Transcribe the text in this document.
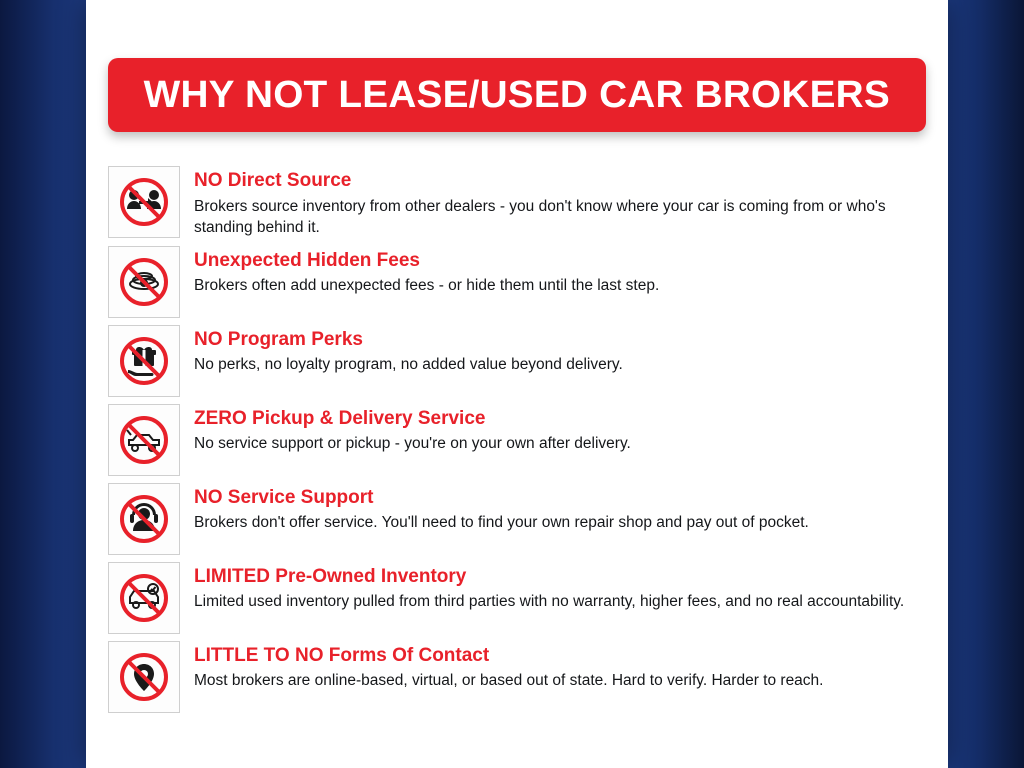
WHY NOT LEASE/USED CAR BROKERS

NO Direct Source

Brokers source inventory from other dealers - you don't know where your car is coming from or who's standing behind it.

Unexpected Hidden Fees

Brokers often add unexpected fees - or hide them until the last step.

NO Program Perks

No perks, no loyalty program, no added value beyond delivery.

ZERO Pickup & Delivery Service

No service support or pickup - you're on your own after delivery.

NO Service Support

Brokers don't offer service. You'll need to find your own repair shop and pay out of pocket.

LIMITED Pre-Owned Inventory

Limited used inventory pulled from third parties with no warranty, higher fees, and no real accountability.

LITTLE TO NO Forms Of Contact

Most brokers are online-based, virtual, or based out of state. Hard to verify. Harder to reach.
